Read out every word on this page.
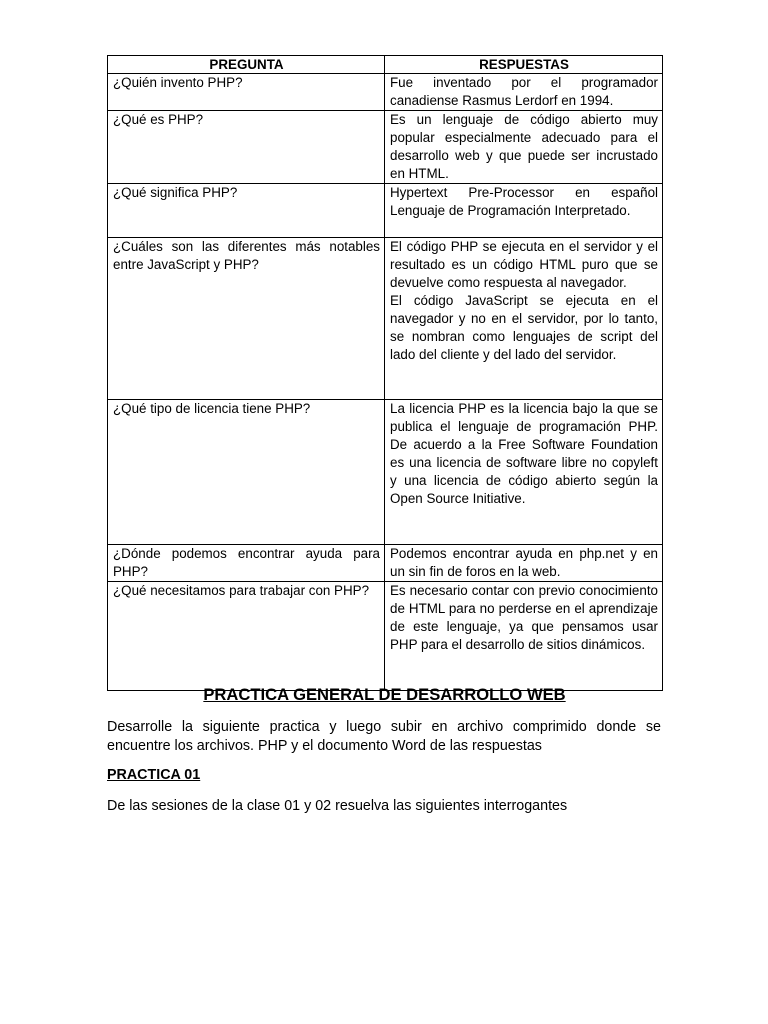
PREGUNTA	RESPUESTAS
¿Quién invento PHP?	Fue inventado por el programador canadiense Rasmus Lerdorf en 1994.

¿Qué es PHP?	Es un lenguaje de código abierto muy popular especialmente adecuado para el desarrollo web y que puede ser incrustado en HTML.

¿Qué significa PHP?	Hypertext Pre-Processor en español Lenguaje de Programación Interpretado.

¿Cuáles son las diferentes más notables entre JavaScript y PHP?	El código PHP se ejecuta en el servidor y el resultado es un código HTML puro que se devuelve como respuesta al navegador.
El código JavaScript se ejecuta en el navegador y no en el servidor, por lo tanto, se nombran como lenguajes de script del lado del cliente y del lado del servidor.

¿Qué tipo de licencia tiene PHP?	La licencia PHP es la licencia bajo la que se publica el lenguaje de programación PHP. De acuerdo a la Free Software Foundation es una licencia de software libre no copyleft y una licencia de código abierto según la Open Source Initiative.

¿Dónde podemos encontrar ayuda para PHP?	Podemos encontrar ayuda en php.net y en un sin fin de foros en la web.

¿Qué necesitamos para trabajar con PHP?	Es necesario contar con previo conocimiento de HTML para no perderse en el aprendizaje de este lenguaje, ya que pensamos usar PHP para el desarrollo de sitios dinámicos.
PRACTICA GENERAL DE DESARROLLO WEB
Desarrolle la siguiente practica y luego subir en archivo comprimido donde se encuentre los archivos. PHP y el documento Word de las respuestas
PRACTICA 01
De las sesiones de la clase 01 y 02 resuelva las siguientes interrogantes
